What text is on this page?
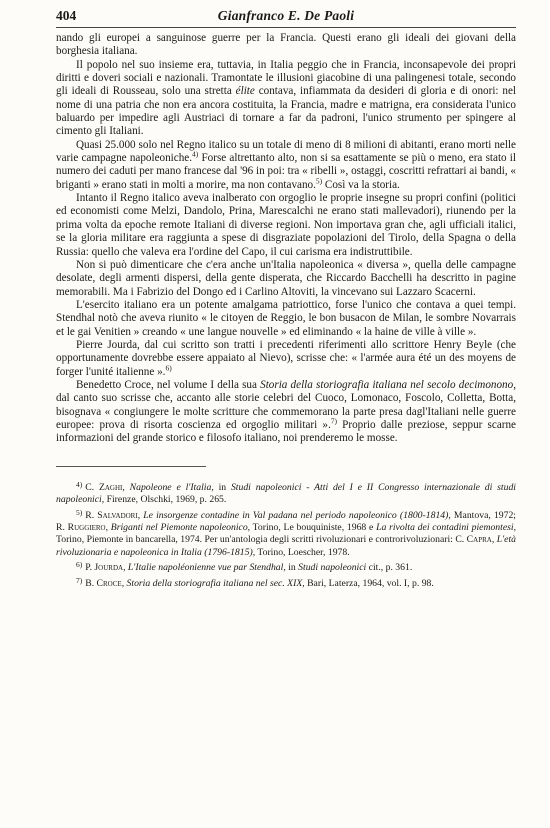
404	Gianfranco E. De Paoli

nando gli europei a sanguinose guerre per la Francia. Questi erano gli ideali dei giovani della borghesia italiana.

Il popolo nel suo insieme era, tuttavia, in Italia peggio che in Francia, inconsapevole dei propri diritti e doveri sociali e nazionali. Tramontate le illusioni giacobine di una palingenesi totale, secondo gli ideali di Rousseau, solo una stretta élite contava, infiammata da desideri di gloria e di onori: nel nome di una patria che non era ancora costituita, la Francia, madre e matrigna, era considerata l'unico baluardo per impedire agli Austriaci di tornare a far da padroni, l'unico strumento per spingere al cimento gli Italiani.

Quasi 25.000 solo nel Regno italico su un totale di meno di 8 milioni di abitanti, erano morti nelle varie campagne napoleoniche.$^{4)}$ Forse altrettanto alto, non si sa esattamente se più o meno, era stato il numero dei caduti per mano francese dal '96 in poi: tra « ribelli », ostaggi, coscritti refrattari ai bandi, « briganti » erano stati in molti a morire, ma non contavano.$^{5)}$ Così va la storia.

Intanto il Regno italico aveva inalberato con orgoglio le proprie insegne su propri confini (politici ed economisti come Melzi, Dandolo, Prina, Marescalchi ne erano stati mallevadori), riunendo per la prima volta da epoche remote Italiani di diverse regioni. Non importava gran che, agli ufficiali italici, se la gloria militare era raggiunta a spese di disgraziate popolazioni del Tirolo, della Spagna o della Russia: quello che valeva era l'ordine del Capo, il cui carisma era indistruttibile.

Non si può dimenticare che c'era anche un'Italia napoleonica « diversa », quella delle campagne desolate, degli armenti dispersi, della gente disperata, che Riccardo Bacchelli ha descritto in pagine memorabili. Ma i Fabrizio del Dongo ed i Carlino Altoviti, la vincevano sui Lazzaro Scacerni.

L'esercito italiano era un potente amalgama patriottico, forse l'unico che contava a quei tempi. Stendhal notò che aveva riunito « le citoyen de Reggio, le bon busacon de Milan, le sombre Novarrais et le gai Venitien » creando « une langue nouvelle » ed eliminando « la haine de ville à ville ».

Pierre Jourda, dal cui scritto son tratti i precedenti riferimenti allo scrittore Henry Beyle (che opportunamente dovrebbe essere appaiato al Nievo), scrisse che: « l'armée aura été un des moyens de forger l'unité italienne ».$^{6)}$

Benedetto Croce, nel volume I della sua Storia della storiografia italiana nel secolo decimonono, dal canto suo scrisse che, accanto alle storie celebri del Cuoco, Lomonaco, Foscolo, Colletta, Botta, bisognava « congiungere le molte scritture che commemorano la parte presa dagl'Italiani nelle guerre europee: prova di risorta coscienza ed orgoglio militari ».$^{7)}$ Proprio dalle preziose, seppur scarne informazioni del grande storico e filosofo italiano, noi prenderemo le mosse.

$^{4)}$ C. Zaghi, Napoleone e l'Italia, in Studi napoleonici - Atti del I e II Congresso internazionale di studi napoleonici, Firenze, Olschki, 1969, p. 265.

$^{5)}$ R. Salvadori, Le insorgenze contadine in Val padana nel periodo napoleonico (1800-1814), Mantova, 1972; R. Ruggiero, Briganti nel Piemonte napoleonico, Torino, Le bouquiniste, 1968 e La rivolta dei contadini piemontesi, Torino, Piemonte in bancarella, 1974. Per un'antologia degli scritti rivoluzionari e controrivoluzionari: C. Capra, L'età rivoluzionaria e napoleonica in Italia (1796-1815), Torino, Loescher, 1978.

$^{6)}$ P. Jourda, L'Italie napoléonienne vue par Stendhal, in Studi napoleonici cit., p. 361.

$^{7)}$ B. Croce, Storia della storiografia italiana nel sec. XIX, Bari, Laterza, 1964, vol. I, p. 98.
